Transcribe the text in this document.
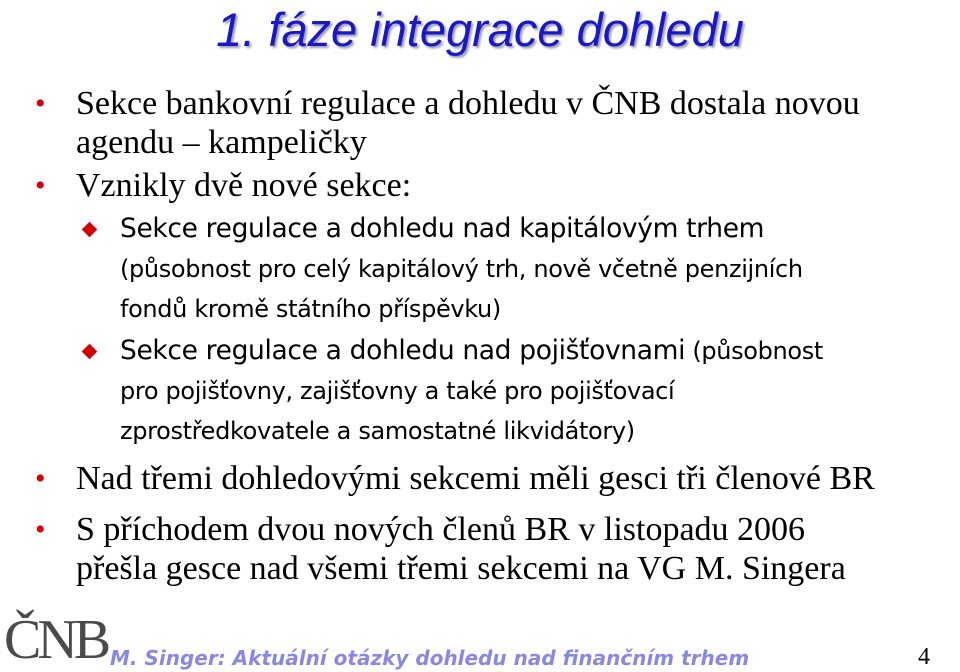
1. fáze integrace dohledu
• Sekce bankovní regulace a dohledu v ČNB dostala novou
agendu – kampeličky
• Vznikly dvě nové sekce:
Sekce regulace a dohledu nad kapitálovým trhem
(působnost pro celý kapitálový trh, nově včetně penzijních
fondů kromě státního příspěvku)
Sekce regulace a dohledu nad pojišťovnami (působnost
pro pojišťovny, zajišťovny a také pro pojišťovací
zprostředkovatele a samostatné likvidátory)
• Nad třemi dohledovými sekcemi měli gesci tři členové BR
• S příchodem dvou nových členů BR v listopadu 2006
přešla gesce nad všemi třemi sekcemi na VG M. Singera
ČNB M. Singer: Aktuální otázky dohledu nad finančním trhem	4
